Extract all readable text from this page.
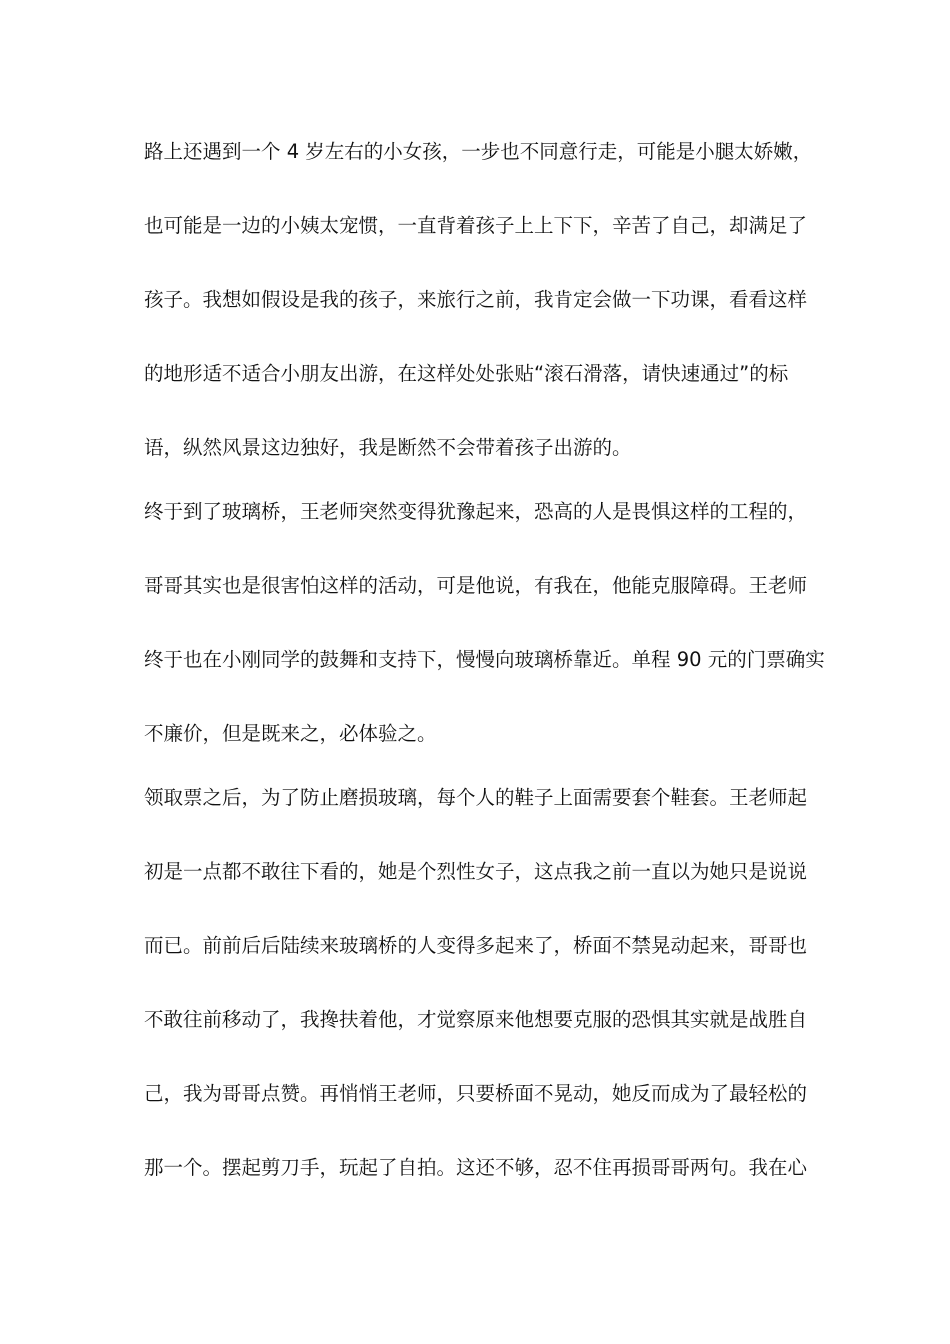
路上还遇到一个 4 岁左右的小女孩，一步也不同意行走，可能是小腿太娇嫩，
也可能是一边的小姨太宠惯，一直背着孩子上上下下，辛苦了自己，却满足了
孩子。我想如假设是我的孩子，来旅行之前，我肯定会做一下功课，看看这样
的地形适不适合小朋友出游，在这样处处张贴“滚石滑落，请快速通过”的标
语，纵然风景这边独好，我是断然不会带着孩子出游的。
终于到了玻璃桥，王老师突然变得犹豫起来，恐高的人是畏惧这样的工程的，
哥哥其实也是很害怕这样的活动，可是他说，有我在，他能克服障碍。王老师
终于也在小刚同学的鼓舞和支持下，慢慢向玻璃桥靠近。单程 90 元的门票确实
不廉价，但是既来之，必体验之。
领取票之后，为了防止磨损玻璃，每个人的鞋子上面需要套个鞋套。王老师起
初是一点都不敢往下看的，她是个烈性女子，这点我之前一直以为她只是说说
而已。前前后后陆续来玻璃桥的人变得多起来了，桥面不禁晃动起来，哥哥也
不敢往前移动了，我搀扶着他，才觉察原来他想要克服的恐惧其实就是战胜自
己，我为哥哥点赞。再悄悄王老师，只要桥面不晃动，她反而成为了最轻松的
那一个。摆起剪刀手，玩起了自拍。这还不够，忍不住再损哥哥两句。我在心
